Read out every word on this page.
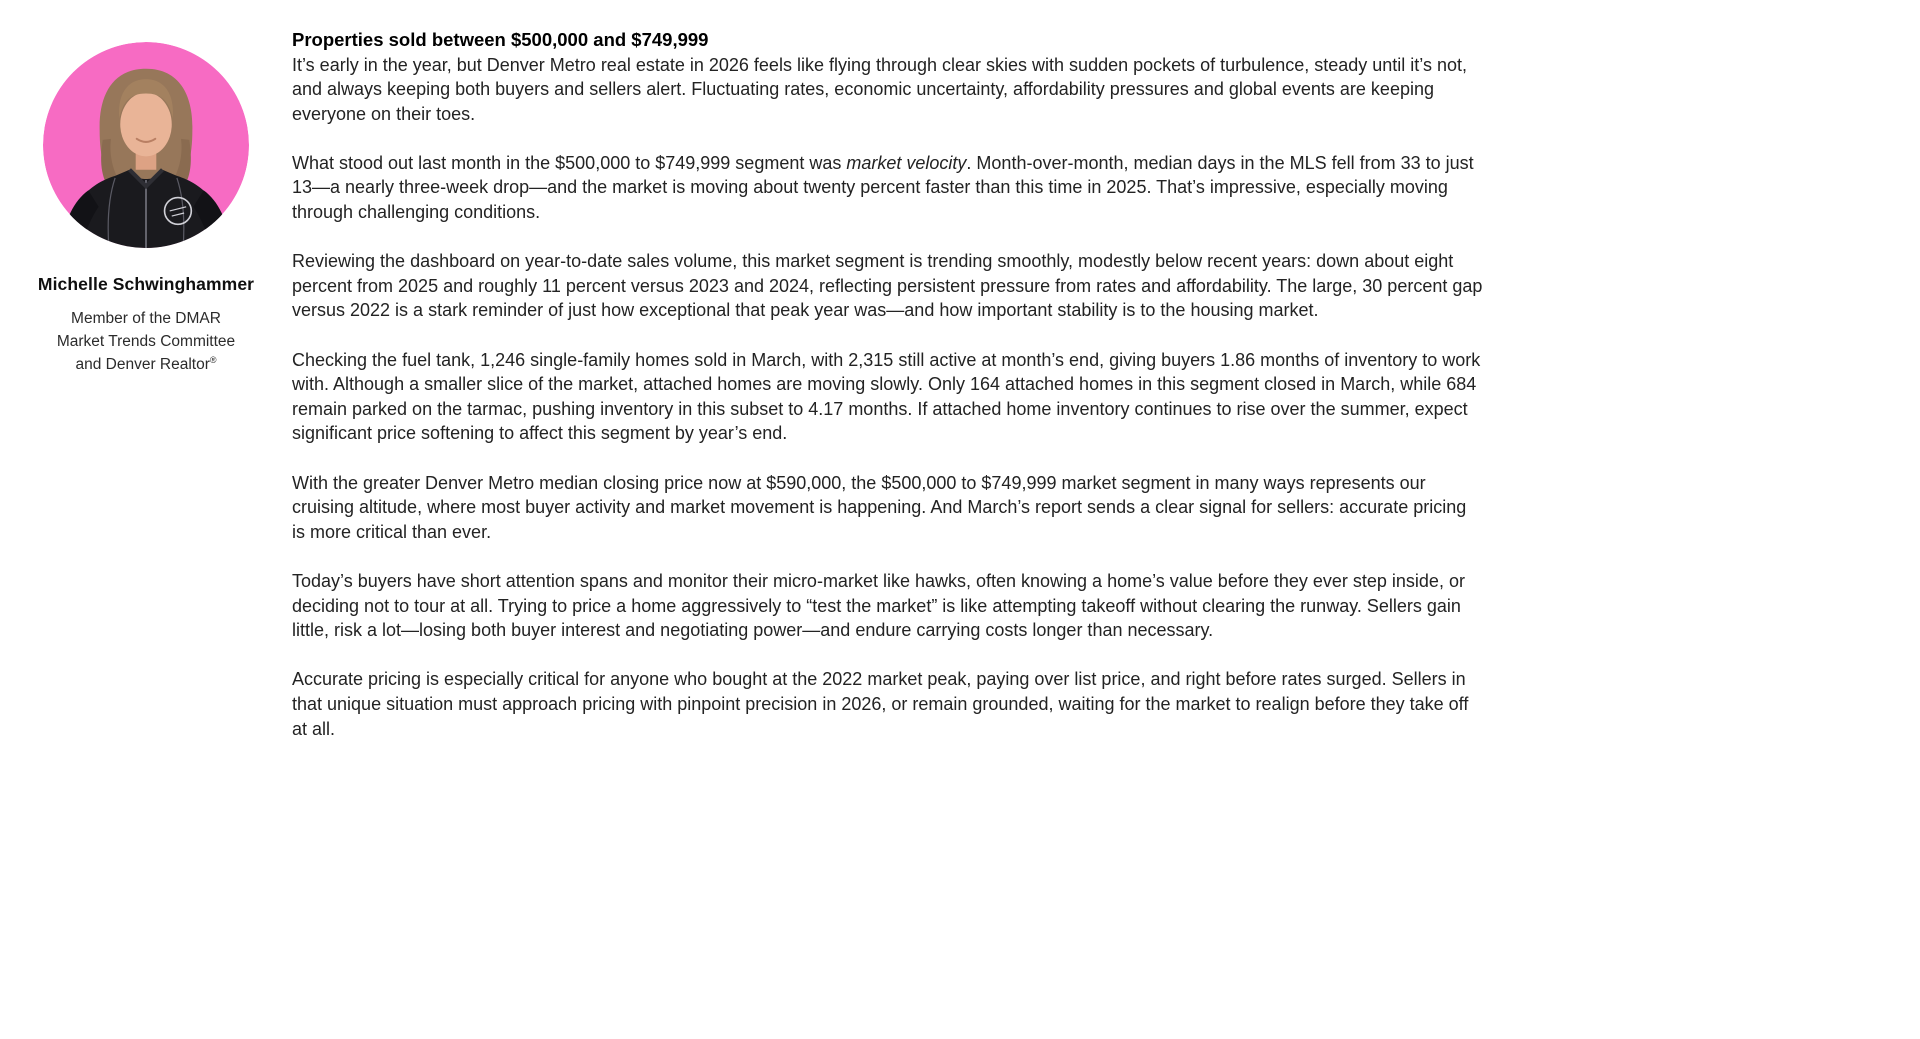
Michelle Schwinghammer
Member of the DMAR
Market Trends Committee
and Denver Realtor®
Properties sold between $500,000 and $749,999

It’s early in the year, but Denver Metro real estate in 2026 feels like flying through clear skies with sudden pockets of turbulence, steady until it’s not, and always keeping both buyers and sellers alert. Fluctuating rates, economic uncertainty, affordability pressures and global events are keeping everyone on their toes.

What stood out last month in the $500,000 to $749,999 segment was market velocity. Month-over-month, median days in the MLS fell from 33 to just 13—a nearly three-week drop—and the market is moving about twenty percent faster than this time in 2025. That’s impressive, especially moving through challenging conditions.

Reviewing the dashboard on year-to-date sales volume, this market segment is trending smoothly, modestly below recent years: down about eight percent from 2025 and roughly 11 percent versus 2023 and 2024, reflecting persistent pressure from rates and affordability. The large, 30 percent gap versus 2022 is a stark reminder of just how exceptional that peak year was—and how important stability is to the housing market.

Checking the fuel tank, 1,246 single-family homes sold in March, with 2,315 still active at month’s end, giving buyers 1.86 months of inventory to work with. Although a smaller slice of the market, attached homes are moving slowly. Only 164 attached homes in this segment closed in March, while 684 remain parked on the tarmac, pushing inventory in this subset to 4.17 months. If attached home inventory continues to rise over the summer, expect significant price softening to affect this segment by year’s end.

With the greater Denver Metro median closing price now at $590,000, the $500,000 to $749,999 market segment in many ways represents our cruising altitude, where most buyer activity and market movement is happening. And March’s report sends a clear signal for sellers: accurate pricing is more critical than ever.

Today’s buyers have short attention spans and monitor their micro-market like hawks, often knowing a home’s value before they ever step inside, or deciding not to tour at all. Trying to price a home aggressively to “test the market” is like attempting takeoff without clearing the runway. Sellers gain little, risk a lot—losing both buyer interest and negotiating power—and endure carrying costs longer than necessary.

Accurate pricing is especially critical for anyone who bought at the 2022 market peak, paying over list price, and right before rates surged. Sellers in that unique situation must approach pricing with pinpoint precision in 2026, or remain grounded, waiting for the market to realign before they take off at all.
